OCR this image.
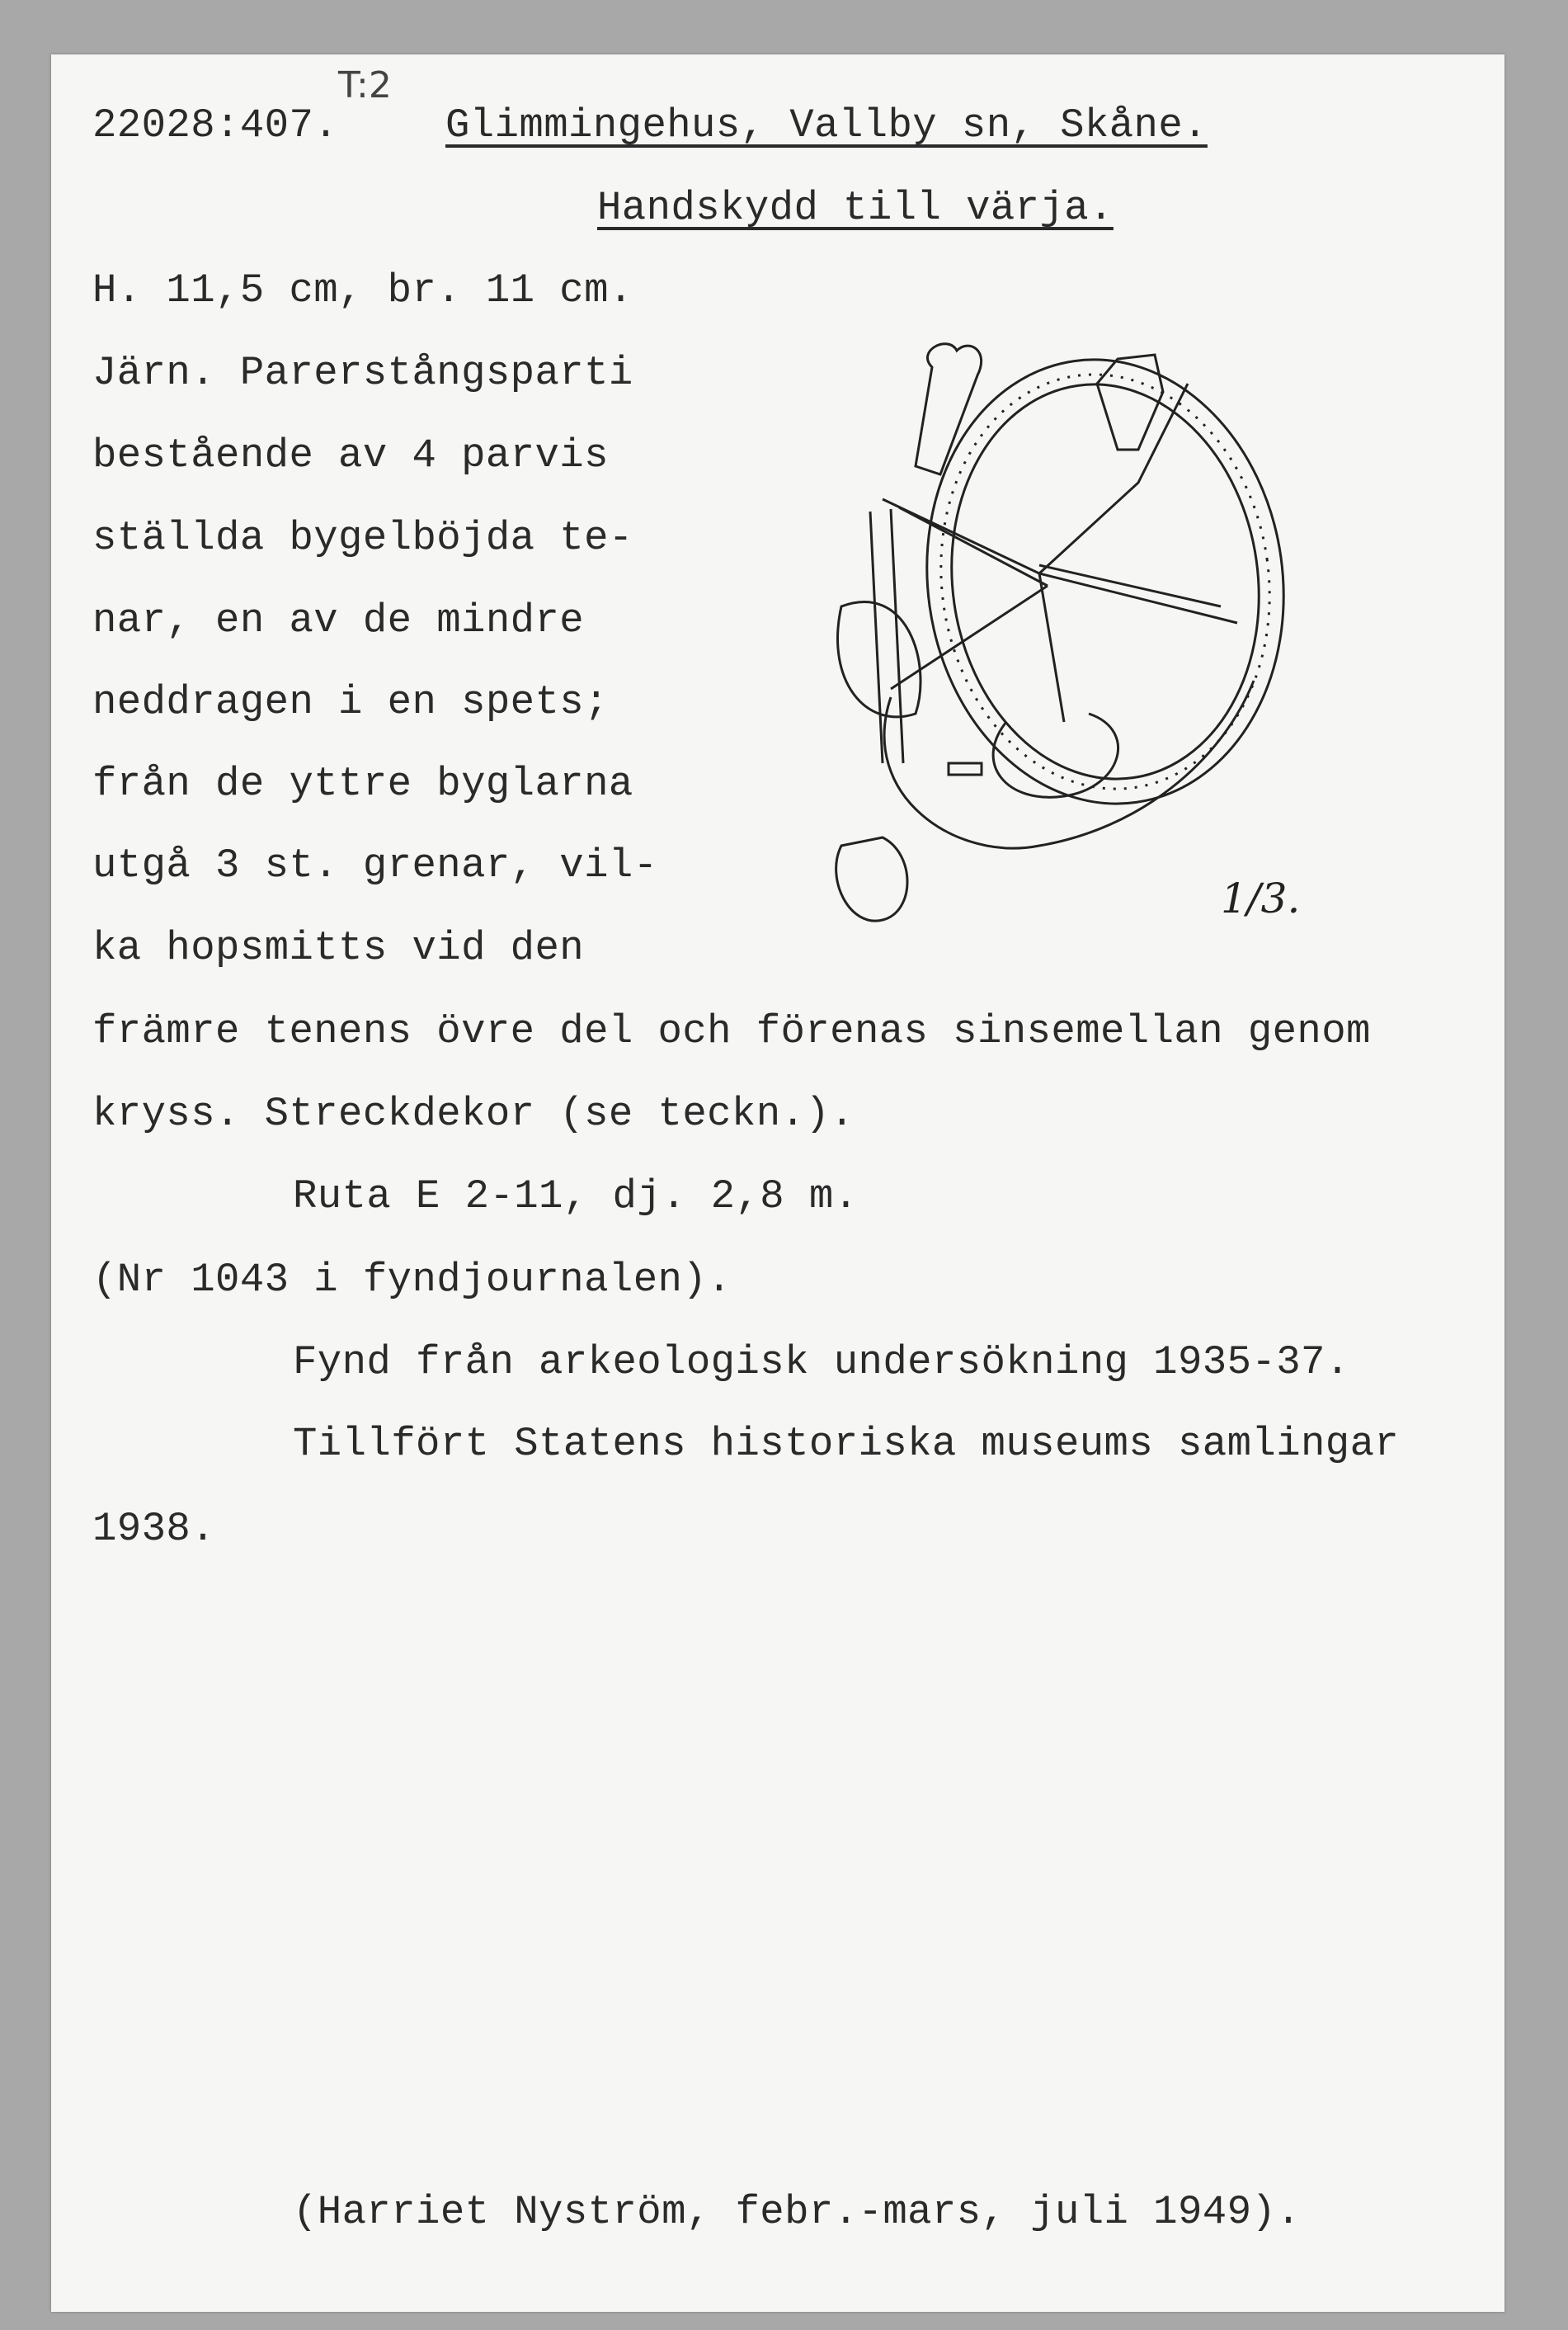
T:2
22028:407.	Glimmingehus, Vallby sn, Skåne.
Handskydd till värja.
H. 11,5 cm, br. 11 cm.
Järn. Parerstångsparti
bestående av 4 parvis
ställda bygelböjda te-
nar, en av de mindre
neddragen i en spets;
från de yttre byglarna
utgå 3 st. grenar, vil-
ka hopsmitts vid den
främre tenens övre del och förenas sinsemellan genom
kryss. Streckdekor (se teckn.).
Ruta E 2-11, dj. 2,8 m.
(Nr 1043 i fyndjournalen).
Fynd från arkeologisk undersökning 1935-37.
Tillfört Statens historiska museums samlingar
1938.
(Harriet Nyström, febr.-mars, juli 1949).
1/3.
